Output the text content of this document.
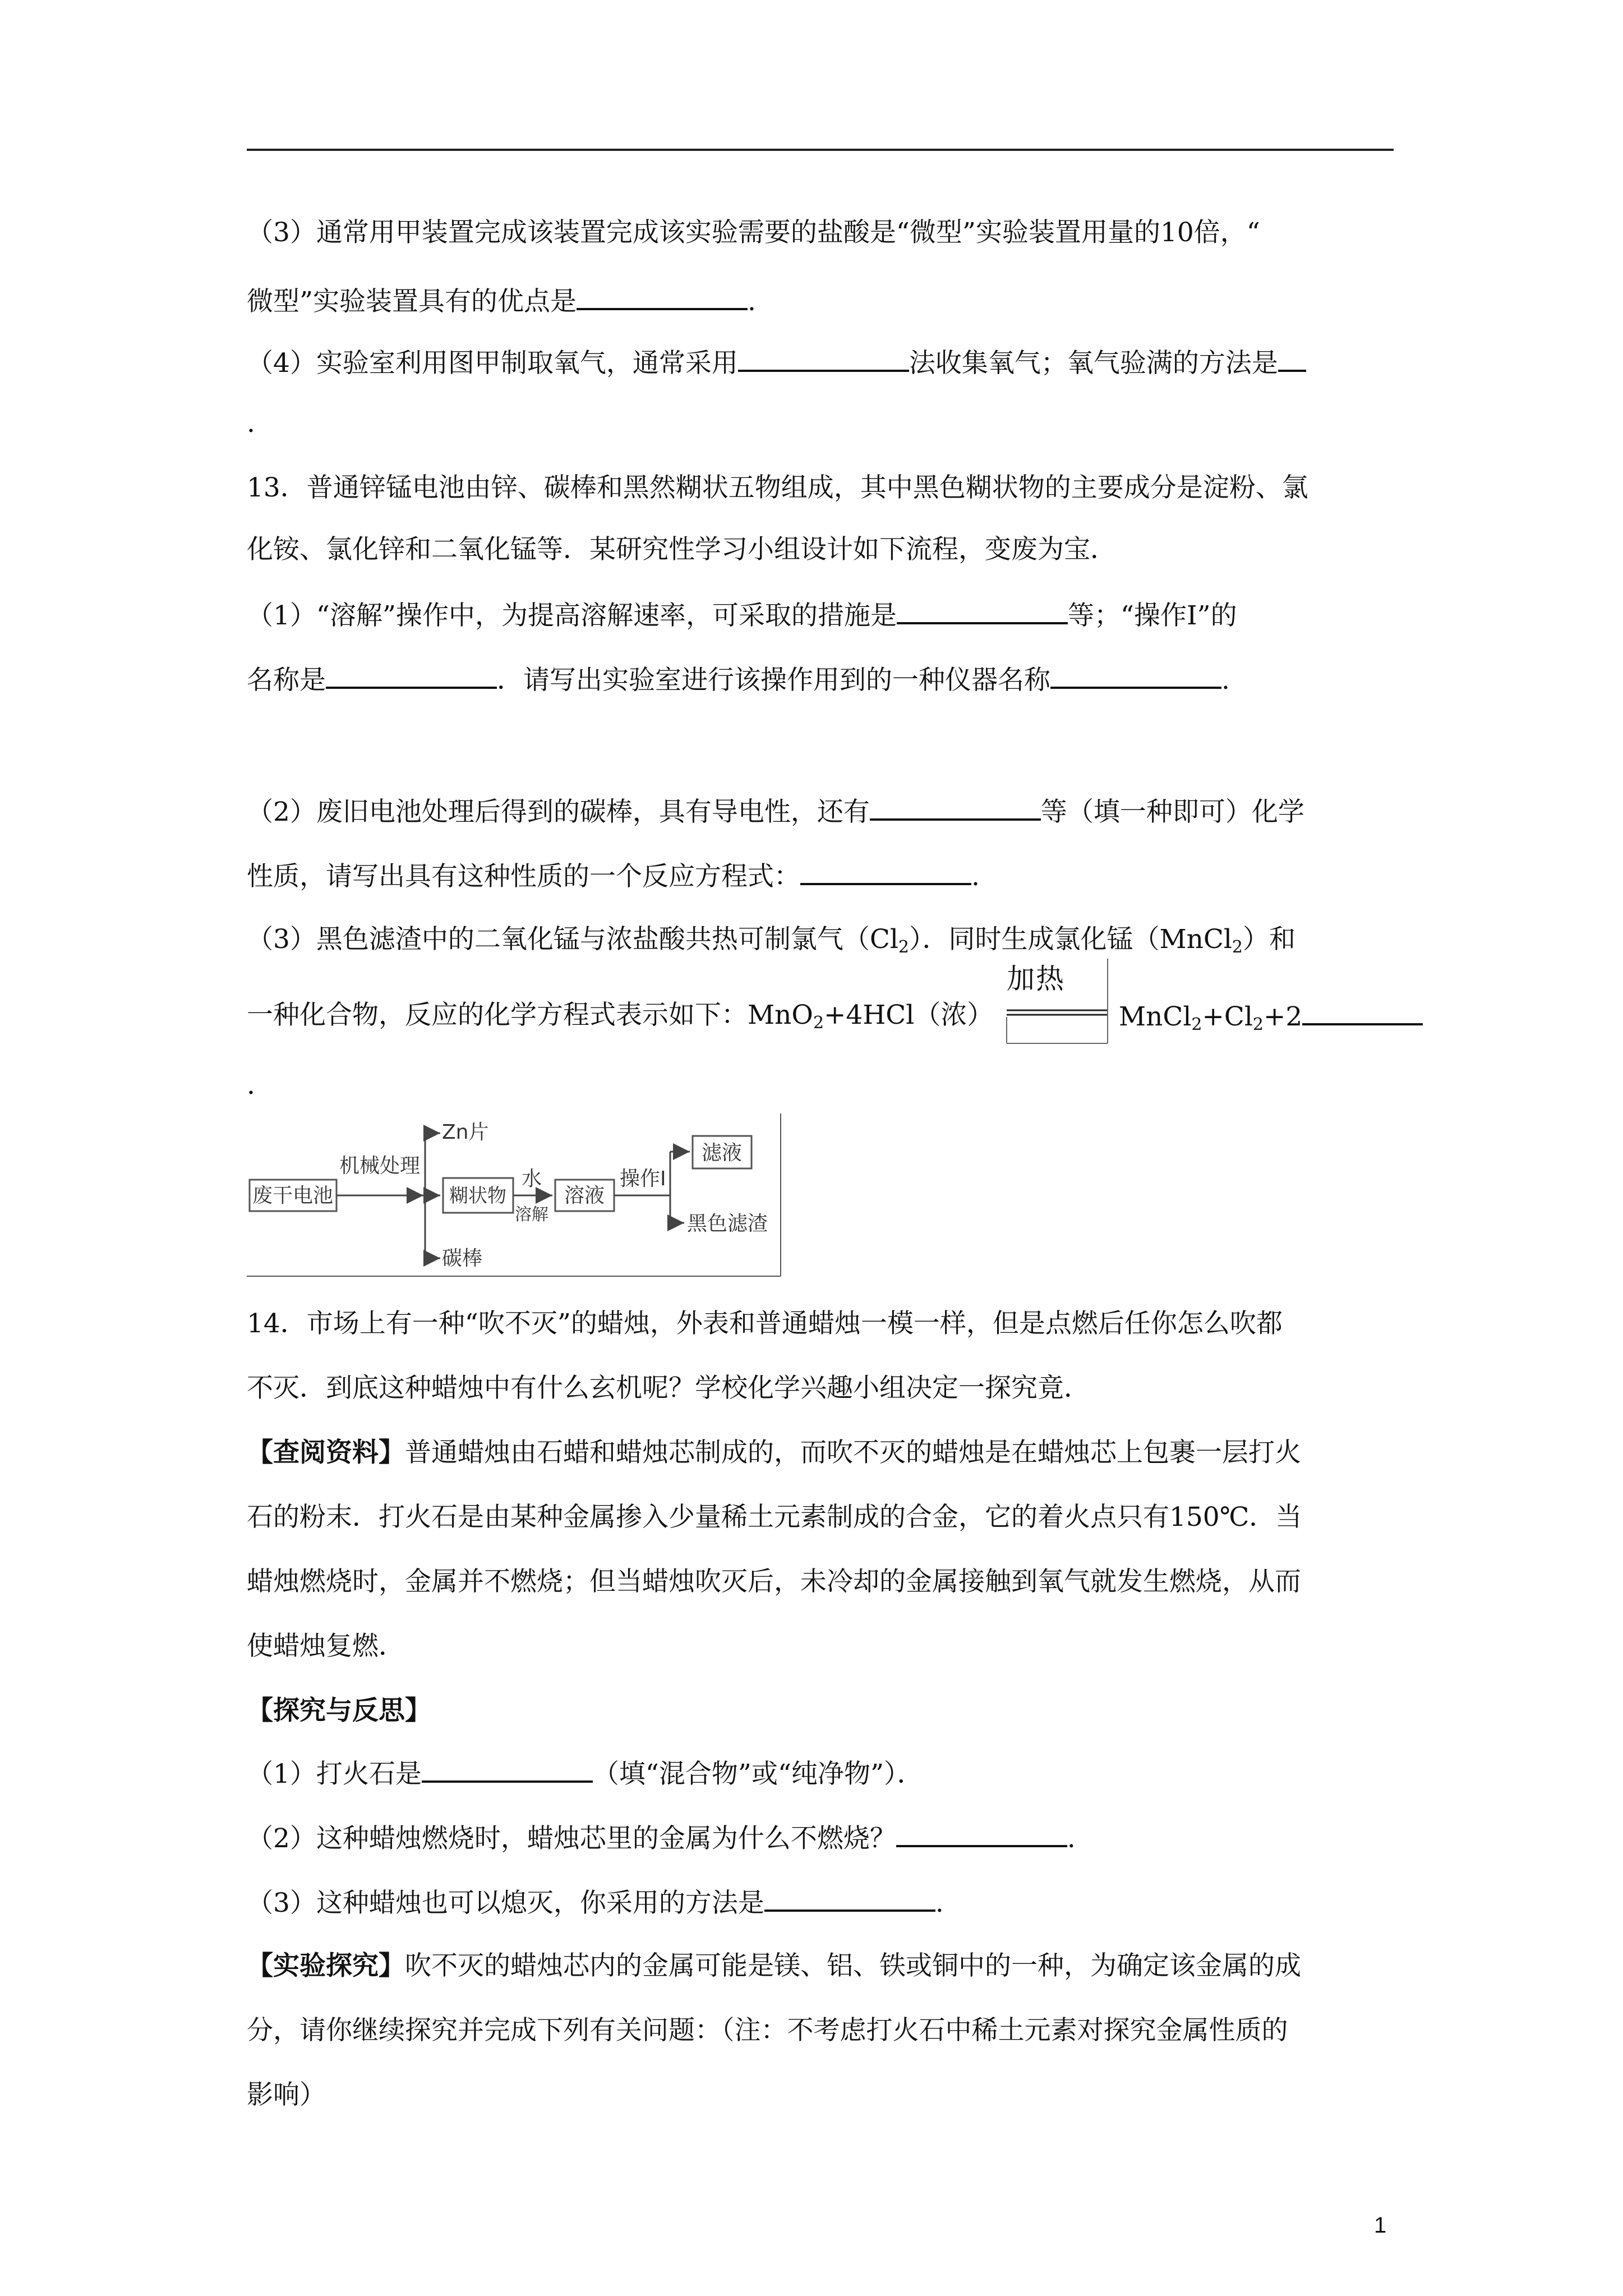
（3）通常用甲装置完成该装置完成该实验需要的盐酸是“微型”实验装置用量的10倍，“
微型”实验装置具有的优点是	.
（4）实验室利用图甲制取氧气，通常采用	法收集氧气；氧气验满的方法是
.
13．普通锌锰电池由锌、碳棒和黑然糊状五物组成，其中黑色糊状物的主要成分是淀粉、氯
化铵、氯化锌和二氧化锰等．某研究性学习小组设计如下流程，变废为宝．
（1）“溶解”操作中，为提高溶解速率，可采取的措施是	等；“操作Ⅰ”的
名称是	．请写出实验室进行该操作用到的一种仪器名称	.
（2）废旧电池处理后得到的碳棒，具有导电性，还有	等（填一种即可）化学
性质，请写出具有这种性质的一个反应方程式：	.
（3）黑色滤渣中的二氧化锰与浓盐酸共热可制氯气$(Cl_2)$．同时生成氯化锰（MnCl$_2$）和
一种化合物，反应的化学方程式表示如下：MnO$_2$+4HCl（浓）
加热
$MnCl_2+Cl_2+2$
.
废干电池
机械处理
Zn片
碳棒
糊状物
水
溶解
溶液
操作Ⅰ
滤液
黑色滤渣
14．市场上有一种“吹不灭”的蜡烛，外表和普通蜡烛一模一样，但是点燃后任你怎么吹都
不灭．到底这种蜡烛中有什么玄机呢？学校化学兴趣小组决定一探究竟．
【查阅资料】普通蜡烛由石蜡和蜡烛芯制成的，而吹不灭的蜡烛是在蜡烛芯上包裹一层打火
石的粉末．打火石是由某种金属掺入少量稀土元素制成的合金，它的着火点只有150℃．当
蜡烛燃烧时，金属并不燃烧；但当蜡烛吹灭后，未冷却的金属接触到氧气就发生燃烧，从而
使蜡烛复燃．
【探究与反思】
（1）打火石是	（填“混合物”或“纯净物”）．
（2）这种蜡烛燃烧时，蜡烛芯里的金属为什么不燃烧？	.
（3）这种蜡烛也可以熄灭，你采用的方法是	.
【实验探究】吹不灭的蜡烛芯内的金属可能是镁、铝、铁或铜中的一种，为确定该金属的成
分，请你继续探究并完成下列有关问题：（注：不考虑打火石中稀土元素对探究金属性质的
影响）
1
